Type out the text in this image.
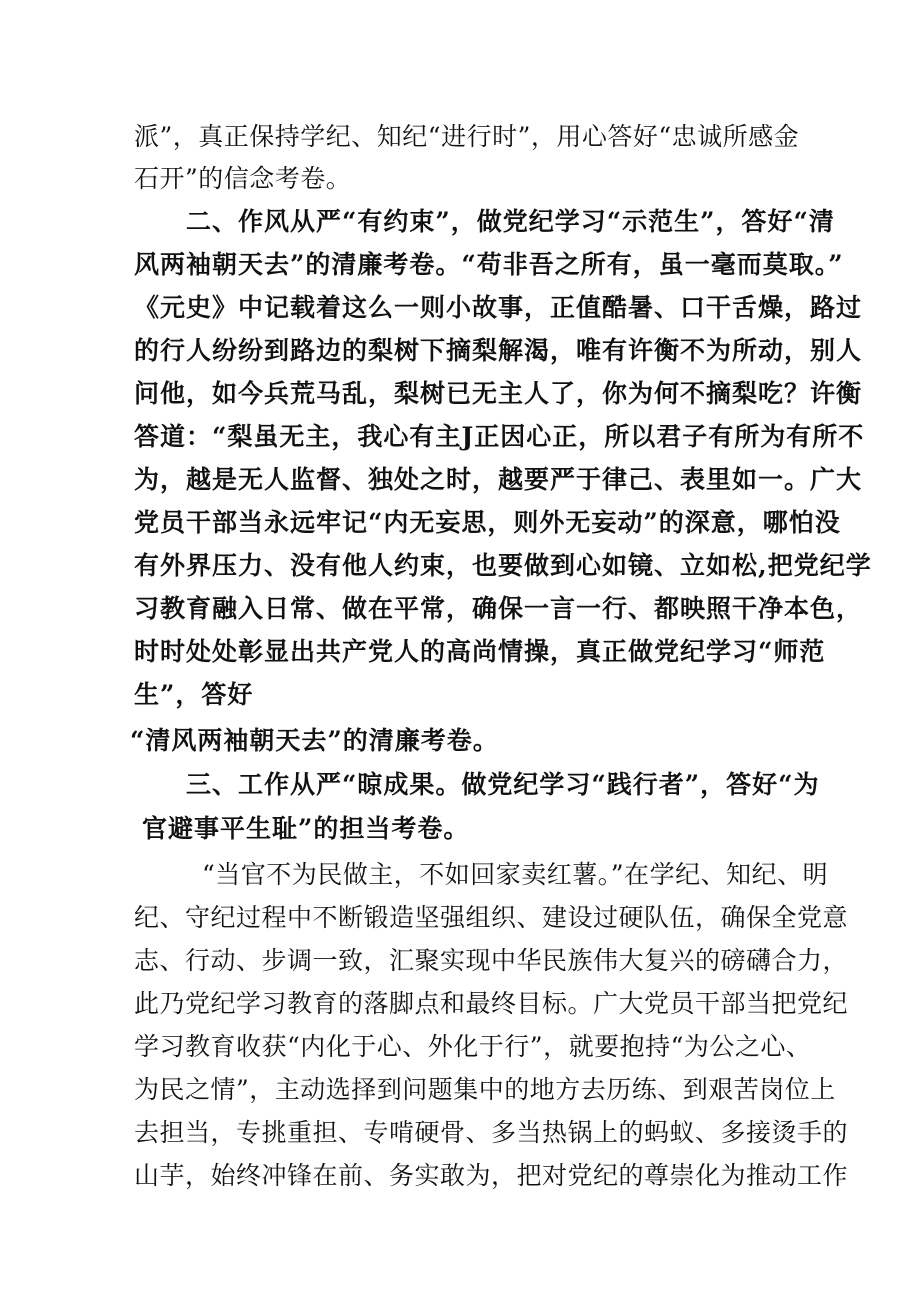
派”，真正保持学纪、知纪“进行时”，用心答好“忠诚所感金
石开”的信念考卷。
二、作风从严“有约束”，做党纪学习“示范生”，答好“清
风两袖朝天去”的清廉考卷。“苟非吾之所有，虽一毫而莫取。”
《元史》中记载着这么一则小故事，正值酷暑、口干舌燥，路过
的行人纷纷到路边的梨树下摘梨解渴，唯有许衡不为所动，别人
问他，如今兵荒马乱，梨树已无主人了，你为何不摘梨吃？许衡
答道：“梨虽无主，我心有主J正因心正，所以君子有所为有所不
为，越是无人监督、独处之时，越要严于律己、表里如一。广大
党员干部当永远牢记“内无妄思，则外无妄动”的深意，哪怕没
有外界压力、没有他人约束，也要做到心如镜、立如松,把党纪学
习教育融入日常、做在平常，确保一言一行、都映照干净本色，
时时处处彰显出共产党人的高尚情操，真正做党纪学习“师范
生”，答好
“清风两袖朝天去”的清廉考卷。
三、工作从严“晾成果。做党纪学习“践行者”，答好“为
官避事平生耻”的担当考卷。
“当官不为民做主，不如回家卖红薯。”在学纪、知纪、明
纪、守纪过程中不断锻造坚强组织、建设过硬队伍，确保全党意
志、行动、步调一致，汇聚实现中华民族伟大复兴的磅礴合力，
此乃党纪学习教育的落脚点和最终目标。广大党员干部当把党纪
学习教育收获“内化于心、外化于行”，就要抱持“为公之心、
为民之情”，主动选择到问题集中的地方去历练、到艰苦岗位上
去担当，专挑重担、专啃硬骨、多当热锅上的蚂蚁、多接烫手的
山芋，始终冲锋在前、务实敢为，把对党纪的尊崇化为推动工作
